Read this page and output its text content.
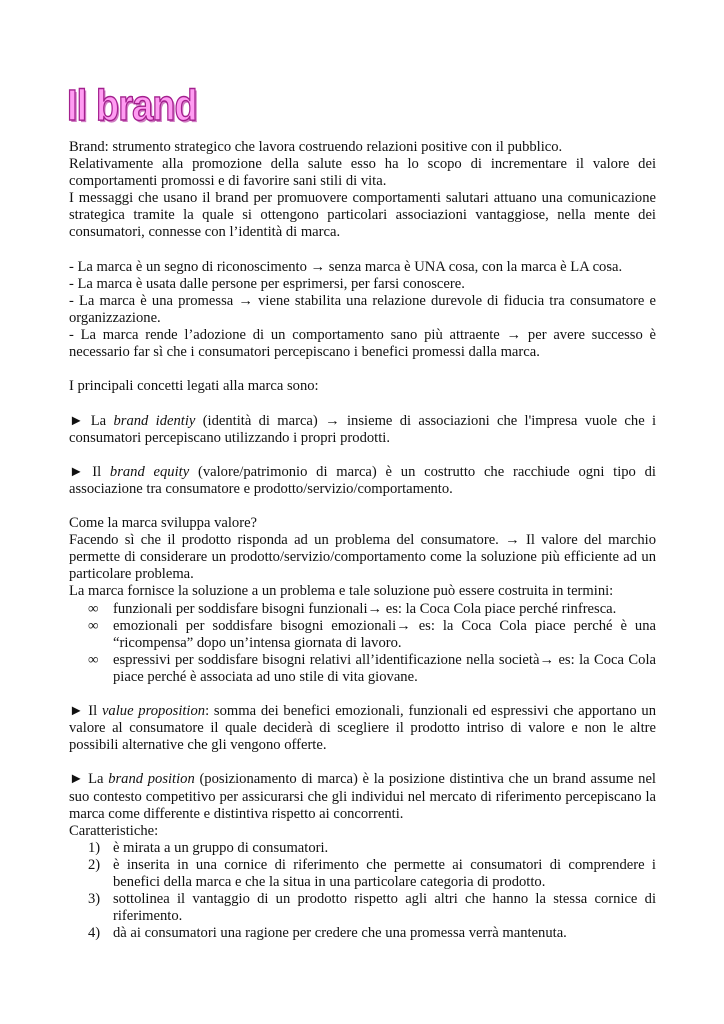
Il brand

Brand: strumento strategico che lavora costruendo relazioni positive con il pubblico.

Relativamente alla promozione della salute esso ha lo scopo di incrementare il valore dei comportamenti promossi e di favorire sani stili di vita.

I messaggi che usano il brand per promuovere comportamenti salutari attuano una comunicazione strategica tramite la quale si ottengono particolari associazioni vantaggiose, nella mente dei consumatori, connesse con l’identità di marca.

- La marca è un segno di riconoscimento → senza marca è UNA cosa, con la marca è LA cosa.

- La marca è usata dalle persone per esprimersi, per farsi conoscere.

- La marca è una promessa → viene stabilita una relazione durevole di fiducia tra consumatore e organizzazione.

- La marca rende l’adozione di un comportamento sano più attraente → per avere successo è necessario far sì che i consumatori percepiscano i benefici promessi dalla marca.

I principali concetti legati alla marca sono:

► La brand identiy (identità di marca) → insieme di associazioni che l'impresa vuole che i consumatori percepiscano utilizzando i propri prodotti.

► Il brand equity (valore/patrimonio di marca) è un costrutto che racchiude ogni tipo di associazione tra consumatore e prodotto/servizio/comportamento.

Come la marca sviluppa valore?

Facendo sì che il prodotto risponda ad un problema del consumatore. → Il valore del marchio permette di considerare un prodotto/servizio/comportamento come la soluzione più efficiente ad un particolare problema.

La marca fornisce la soluzione a un problema e tale soluzione può essere costruita in termini:

∞ funzionali per soddisfare bisogni funzionali→ es: la Coca Cola piace perché rinfresca.
∞ emozionali per soddisfare bisogni emozionali→ es: la Coca Cola piace perché è una “ricompensa” dopo un’intensa giornata di lavoro.
∞ espressivi per soddisfare bisogni relativi all’identificazione nella società→ es: la Coca Cola piace perché è associata ad uno stile di vita giovane.

► Il value proposition: somma dei benefici emozionali, funzionali ed espressivi che apportano un valore al consumatore il quale deciderà di scegliere il prodotto intriso di valore e non le altre possibili alternative che gli vengono offerte.

► La brand position (posizionamento di marca) è la posizione distintiva che un brand assume nel suo contesto competitivo per assicurarsi che gli individui nel mercato di riferimento percepiscano la marca come differente e distintiva rispetto ai concorrenti.

Caratteristiche:

1) è mirata a un gruppo di consumatori.
2) è inserita in una cornice di riferimento che permette ai consumatori di comprendere i benefici della marca e che la situa in una particolare categoria di prodotto.
3) sottolinea il vantaggio di un prodotto rispetto agli altri che hanno la stessa cornice di riferimento.
4) dà ai consumatori una ragione per credere che una promessa verrà mantenuta.
